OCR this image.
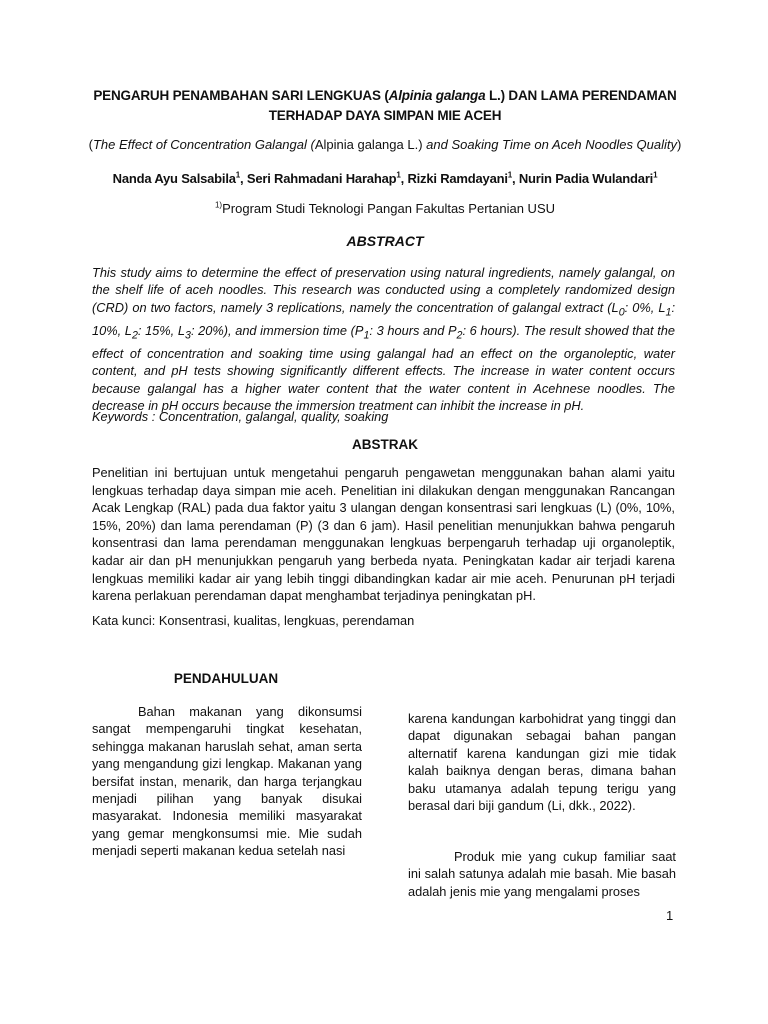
PENGARUH PENAMBAHAN SARI LENGKUAS (Alpinia galanga L.) DAN LAMA PERENDAMAN
TERHADAP DAYA SIMPAN MIE ACEH
(The Effect of Concentration Galangal (Alpinia galanga L.) and Soaking Time on Aceh Noodles Quality)
Nanda Ayu Salsabila$^1$, Seri Rahmadani Harahap$^1$, Rizki Ramdayani$^1$, Nurin Padia Wulandari$^1$
$^{1)}$Program Studi Teknologi Pangan Fakultas Pertanian USU
ABSTRACT
This study aims to determine the effect of preservation using natural ingredients, namely galangal, on the shelf life of aceh noodles. This research was conducted using a completely randomized design (CRD) on two factors, namely 3 replications, namely the concentration of galangal extract ($L_0$: 0%, $L_1$: 10%, $L_2$: 15%, $L_3$: 20%), and immersion time ($P_1$: 3 hours and $P_2$: 6 hours). The result showed that the effect of concentration and soaking time using galangal had an effect on the organoleptic, water content, and pH tests showing significantly different effects. The increase in water content occurs because galangal has a higher water content that the water content in Acehnese noodles. The decrease in pH occurs because the immersion treatment can inhibit the increase in pH.
Keywords : Concentration, galangal, quality, soaking
ABSTRAK
Penelitian ini bertujuan untuk mengetahui pengaruh pengawetan menggunakan bahan alami yaitu lengkuas terhadap daya simpan mie aceh. Penelitian ini dilakukan dengan menggunakan Rancangan Acak Lengkap (RAL) pada dua faktor yaitu 3 ulangan dengan konsentrasi sari lengkuas (L) (0%, 10%, 15%, 20%) dan lama perendaman (P) (3 dan 6 jam). Hasil penelitian menunjukkan bahwa pengaruh konsentrasi dan lama perendaman menggunakan lengkuas berpengaruh terhadap uji organoleptik, kadar air dan pH menunjukkan pengaruh yang berbeda nyata. Peningkatan kadar air terjadi karena lengkuas memiliki kadar air yang lebih tinggi dibandingkan kadar air mie aceh. Penurunan pH terjadi karena perlakuan perendaman dapat menghambat terjadinya peningkatan pH.
Kata kunci: Konsentrasi, kualitas, lengkuas, perendaman
PENDAHULUAN
Bahan makanan yang dikonsumsi sangat mempengaruhi tingkat kesehatan, sehingga makanan haruslah sehat, aman serta yang mengandung gizi lengkap. Makanan yang bersifat instan, menarik, dan harga terjangkau menjadi pilihan yang banyak disukai masyarakat. Indonesia memiliki masyarakat yang gemar mengkonsumsi mie. Mie sudah menjadi seperti makanan kedua setelah nasi
karena kandungan karbohidrat yang tinggi dan dapat digunakan sebagai bahan pangan alternatif karena kandungan gizi mie tidak kalah baiknya dengan beras, dimana bahan baku utamanya adalah tepung terigu yang berasal dari biji gandum (Li, dkk., 2022).
Produk mie yang cukup familiar saat ini salah satunya adalah mie basah. Mie basah adalah jenis mie yang mengalami proses
1
